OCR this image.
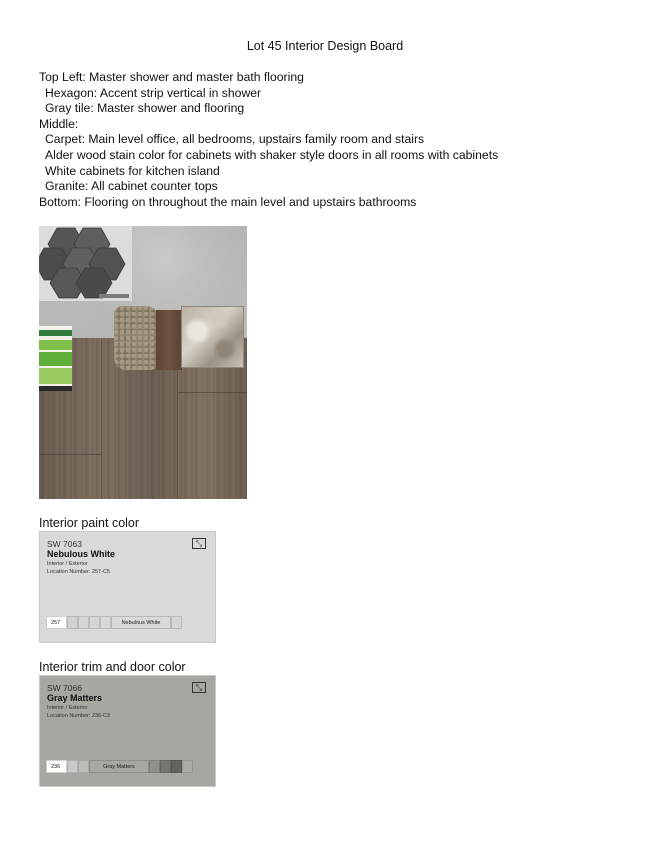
Lot 45 Interior Design Board
Top Left: Master shower and master bath flooring
Hexagon: Accent strip vertical in shower
Gray tile: Master shower and flooring
Middle:
Carpet: Main level office, all bedrooms, upstairs family room and stairs
Alder wood stain color for cabinets with shaker style doors in all rooms with cabinets
White cabinets for kitchen island
Granite: All cabinet counter tops
Bottom: Flooring on throughout the main level and upstairs bathrooms
Interior paint color
SW 7063
Nebulous White
Interior / Exterior
Location Number: 257-C5
⤡
257	Nebulous White
Interior trim and door color
SW 7066
Gray Matters
Interior / Exterior
Location Number: 236-C3
⤡
236	Gray Matters
